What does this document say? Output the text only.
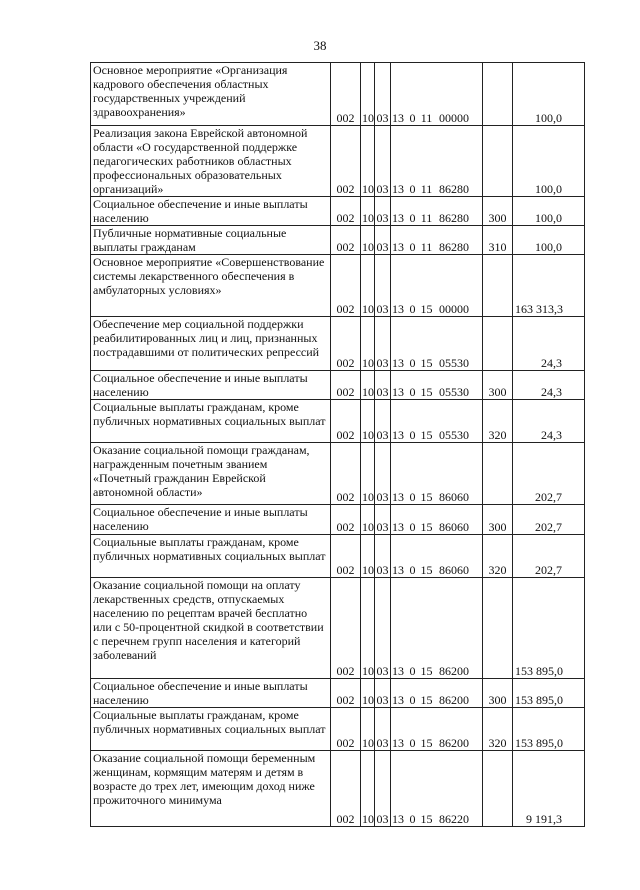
38
Основное мероприятие «Организация кадрового обеспечения областных государственных учреждений здравоохранения»	002	10	03	13 0 11 00000		100,0
Реализация закона Еврейской автономной области «О государственной поддержке педагогических работников областных профессиональных образовательных организаций»	002	10	03	13 0 11 86280		100,0
Социальное обеспечение и иные выплаты населению	002	10	03	13 0 11 86280	300	100,0
Публичные нормативные социальные выплаты гражданам	002	10	03	13 0 11 86280	310	100,0
Основное мероприятие «Совершенствование системы лекарственного обеспечения в амбулаторных условиях»	002	10	03	13 0 15 00000		163 313,3
Обеспечение мер социальной поддержки реабилитированных лиц и лиц, признанных пострадавшими от политических репрессий	002	10	03	13 0 15 05530		24,3
Социальное обеспечение и иные выплаты населению	002	10	03	13 0 15 05530	300	24,3
Социальные выплаты гражданам, кроме публичных нормативных социальных выплат	002	10	03	13 0 15 05530	320	24,3
Оказание социальной помощи гражданам, награжденным почетным званием «Почетный гражданин Еврейской автономной области»	002	10	03	13 0 15 86060		202,7
Социальное обеспечение и иные выплаты населению	002	10	03	13 0 15 86060	300	202,7
Социальные выплаты гражданам, кроме публичных нормативных социальных выплат	002	10	03	13 0 15 86060	320	202,7
Оказание социальной помощи на оплату лекарственных средств, отпускаемых населению по рецептам врачей бесплатно или с 50-процентной скидкой в соответствии с перечнем групп населения и категорий заболеваний	002	10	03	13 0 15 86200		153 895,0
Социальное обеспечение и иные выплаты населению	002	10	03	13 0 15 86200	300	153 895,0
Социальные выплаты гражданам, кроме публичных нормативных социальных выплат	002	10	03	13 0 15 86200	320	153 895,0
Оказание социальной помощи беременным женщинам, кормящим матерям и детям в возрасте до трех лет, имеющим доход ниже прожиточного минимума	002	10	03	13 0 15 86220		9 191,3
